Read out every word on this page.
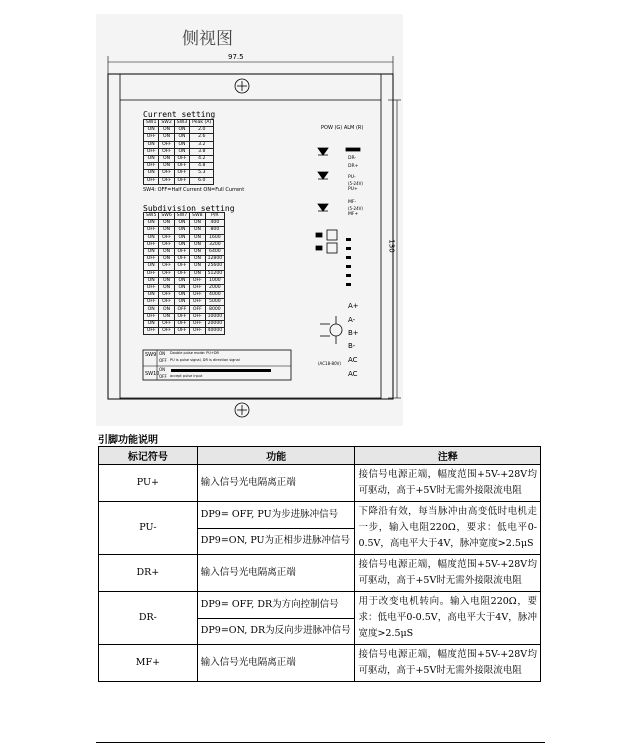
侧视图
97.5
130
Current setting
SW1	SW2	SW3	Peak (A)
ON	ON	ON	2.0
OFF	ON	ON	2.6
ON	OFF	ON	3.2
OFF	OFF	ON	3.8
ON	ON	OFF	4.2
OFF	ON	OFF	4.8
ON	OFF	OFF	5.3
OFF	OFF	OFF	6.0
SW4: OFF=Half Current ON=Full Current
Subdivision setting
SW5	SW6	SW7	SW8	P/R
ON	ON	ON	ON	400
OFF	ON	ON	ON	800
ON	OFF	ON	ON	1600
OFF	OFF	ON	ON	3200
ON	ON	OFF	ON	6400
OFF	ON	OFF	ON	12800
ON	OFF	OFF	ON	25600
OFF	OFF	OFF	ON	51200
ON	ON	ON	OFF	1000
OFF	ON	ON	OFF	2000
ON	OFF	ON	OFF	4000
OFF	OFF	ON	OFF	5000
ON	ON	OFF	OFF	8000
OFF	ON	OFF	OFF	10000
ON	OFF	OFF	OFF	20000
OFF	OFF	OFF	OFF	40000
SW9
SW10
ON
OFF
ON
OFF
Double pulse mode: PU+DR
PU is pulse signal, DR is direction signal
accept pulse input
POW (G) ALM (R)
DR-
DR+
PU-
(5-24V)
PU+
MF-
(5-24V)
MF+
A+
A-
B+
B-
AC
AC
(AC18-80V)
引脚功能说明
标记符号	功能	注释
PU+	输入信号光电隔离正端	接信号电源正端，幅度范围+5V-+28V均可驱动，高于+5V时无需外接限流电阻
PU-	DP9= OFF, PU为步进脉冲信号	下降沿有效，每当脉冲由高变低时电机走一步，输入电阻220Ω，要求：低电平0-0.5V，高电平大于4V，脉冲宽度>2.5μS
	DP9=ON, PU为正相步进脉冲信号	
DR+	输入信号光电隔离正端	接信号电源正端，幅度范围+5V-+28V均可驱动，高于+5V时无需外接限流电阻
DR-	DP9= OFF, DR为方向控制信号	用于改变电机转向。输入电阻220Ω，要求：低电平0-0.5V，高电平大于4V，脉冲宽度>2.5μS
	DP9=ON, DR为反向步进脉冲信号	
MF+	输入信号光电隔离正端	接信号电源正端，幅度范围+5V-+28V均可驱动，高于+5V时无需外接限流电阻
